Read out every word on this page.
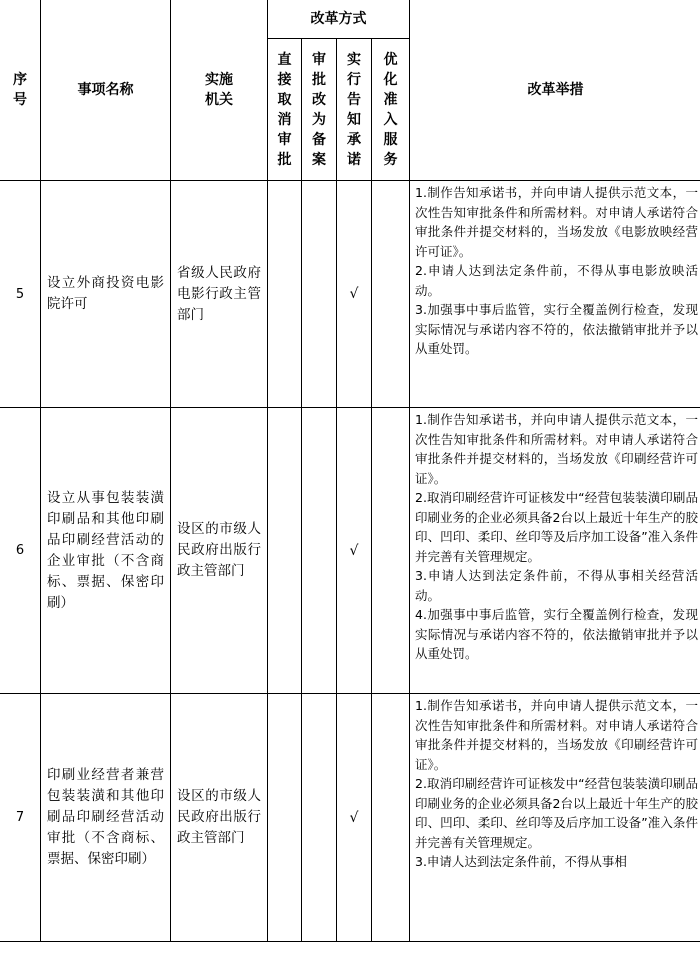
序号	事项名称	实施机关	改革方式				改革举措

			直接取消审批	审批改为备案	实行告知承诺	优化准入服务	

5	设立外商投资电影院许可	省级人民政府电影行政主管部门			√		1.制作告知承诺书，并向申请人提供示范文本，一次性告知审批条件和所需材料。对申请人承诺符合审批条件并提交材料的，当场发放《电影放映经营许可证》。
2.申请人达到法定条件前，不得从事电影放映活动。
3.加强事中事后监管，实行全覆盖例行检查，发现实际情况与承诺内容不符的，依法撤销审批并予以从重处罚。

6	设立从事包装装潢印刷品和其他印刷品印刷经营活动的企业审批（不含商标、票据、保密印刷）	设区的市级人民政府出版行政主管部门			√		1.制作告知承诺书，并向申请人提供示范文本，一次性告知审批条件和所需材料。对申请人承诺符合审批条件并提交材料的，当场发放《印刷经营许可证》。
2.取消印刷经营许可证核发中“经营包装装潢印刷品印刷业务的企业必须具备2台以上最近十年生产的胶印、凹印、柔印、丝印等及后序加工设备”准入条件并完善有关管理规定。
3.申请人达到法定条件前，不得从事相关经营活动。
4.加强事中事后监管，实行全覆盖例行检查，发现实际情况与承诺内容不符的，依法撤销审批并予以从重处罚。

7	印刷业经营者兼营包装装潢和其他印刷品印刷经营活动审批（不含商标、票据、保密印刷）	设区的市级人民政府出版行政主管部门			√		1.制作告知承诺书，并向申请人提供示范文本，一次性告知审批条件和所需材料。对申请人承诺符合审批条件并提交材料的，当场发放《印刷经营许可证》。
2.取消印刷经营许可证核发中“经营包装装潢印刷品印刷业务的企业必须具备2台以上最近十年生产的胶印、凹印、柔印、丝印等及后序加工设备”准入条件并完善有关管理规定。
3.申请人达到法定条件前，不得从事相
